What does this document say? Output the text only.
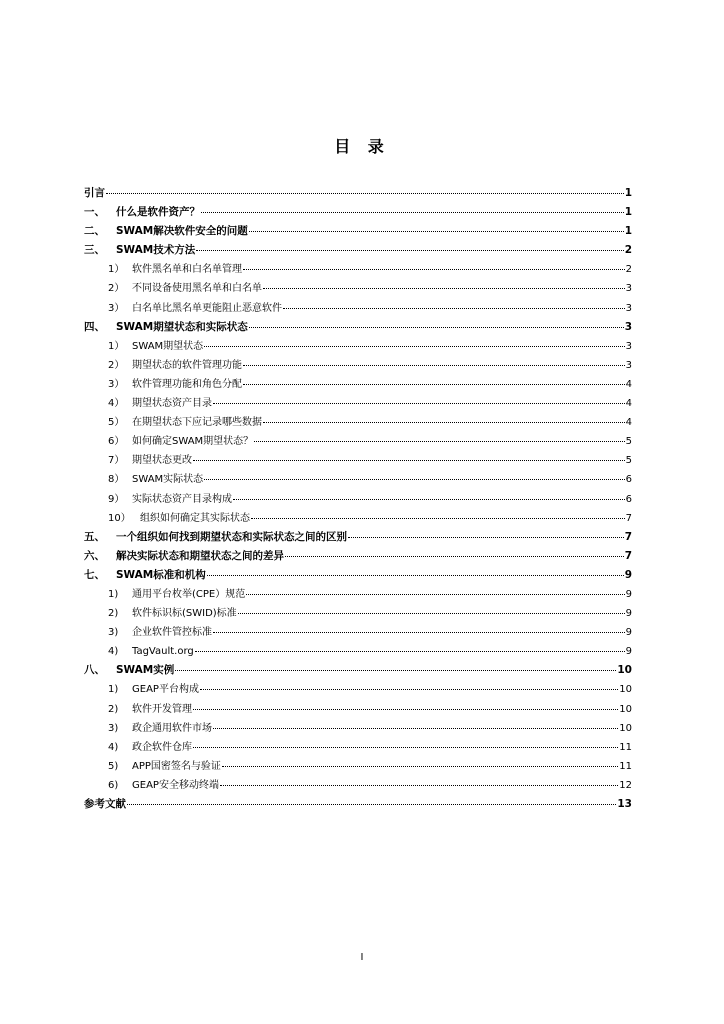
目 录
引言	1
一、	什么是软件资产？	1
二、	SWAM解决软件安全的问题	1
三、	SWAM技术方法	2
1） 软件黑名单和白名单管理	2
2） 不同设备使用黑名单和白名单	3
3） 白名单比黑名单更能阻止恶意软件	3
四、	SWAM期望状态和实际状态	3
1） SWAM期望状态	3
2） 期望状态的软件管理功能	3
3） 软件管理功能和角色分配	4
4） 期望状态资产目录	4
5） 在期望状态下应记录哪些数据	4
6） 如何确定SWAM期望状态？	5
7） 期望状态更改	5
8） SWAM实际状态	6
9） 实际状态资产目录构成	6
10） 组织如何确定其实际状态	7
五、	一个组织如何找到期望状态和实际状态之间的区别	7
六、	解决实际状态和期望状态之间的差异	7
七、	SWAM标准和机构	9
1)	通用平台枚举(CPE）规范	9
2)	软件标识标(SWID)标准	9
3)	企业软件管控标准	9
4)	TagVault.org	9
八、	SWAM实例	10
1)	GEAP平台构成	10
2)	软件开发管理	10
3)	政企通用软件市场	10
4)	政企软件仓库	11
5)	APP国密签名与验证	11
6)	GEAP安全移动终端	12
参考文献	13
I
